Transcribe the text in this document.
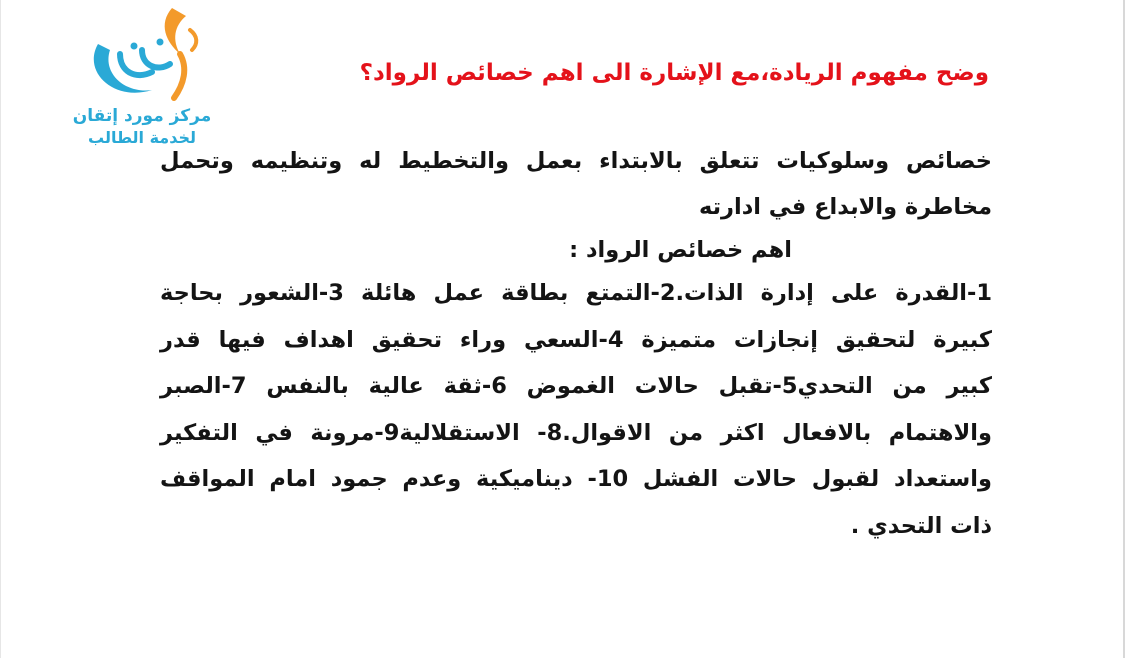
مركز مورد إتقان
لخدمة الطالب
وضح مفهوم الريادة،مع الإشارة الى اهم خصائص الرواد؟
خصائص وسلوكيات تتعلق بالابتداء بعمل والتخطيط له وتنظيمه وتحمل
مخاطرة والابداع في ادارته
اهم خصائص الرواد :
1-القدرة على إدارة الذات.2-التمتع بطاقة عمل هائلة 3-الشعور بحاجة
كبيرة لتحقيق إنجازات متميزة 4-السعي وراء تحقيق اهداف فيها قدر
كبير من التحدي5-تقبل حالات الغموض 6-ثقة عالية بالنفس 7-الصبر
والاهتمام بالافعال اكثر من الاقوال.8- الاستقلالية9-مرونة في التفكير
واستعداد لقبول حالات الفشل 10- ديناميكية وعدم جمود امام المواقف
ذات التحدي .
